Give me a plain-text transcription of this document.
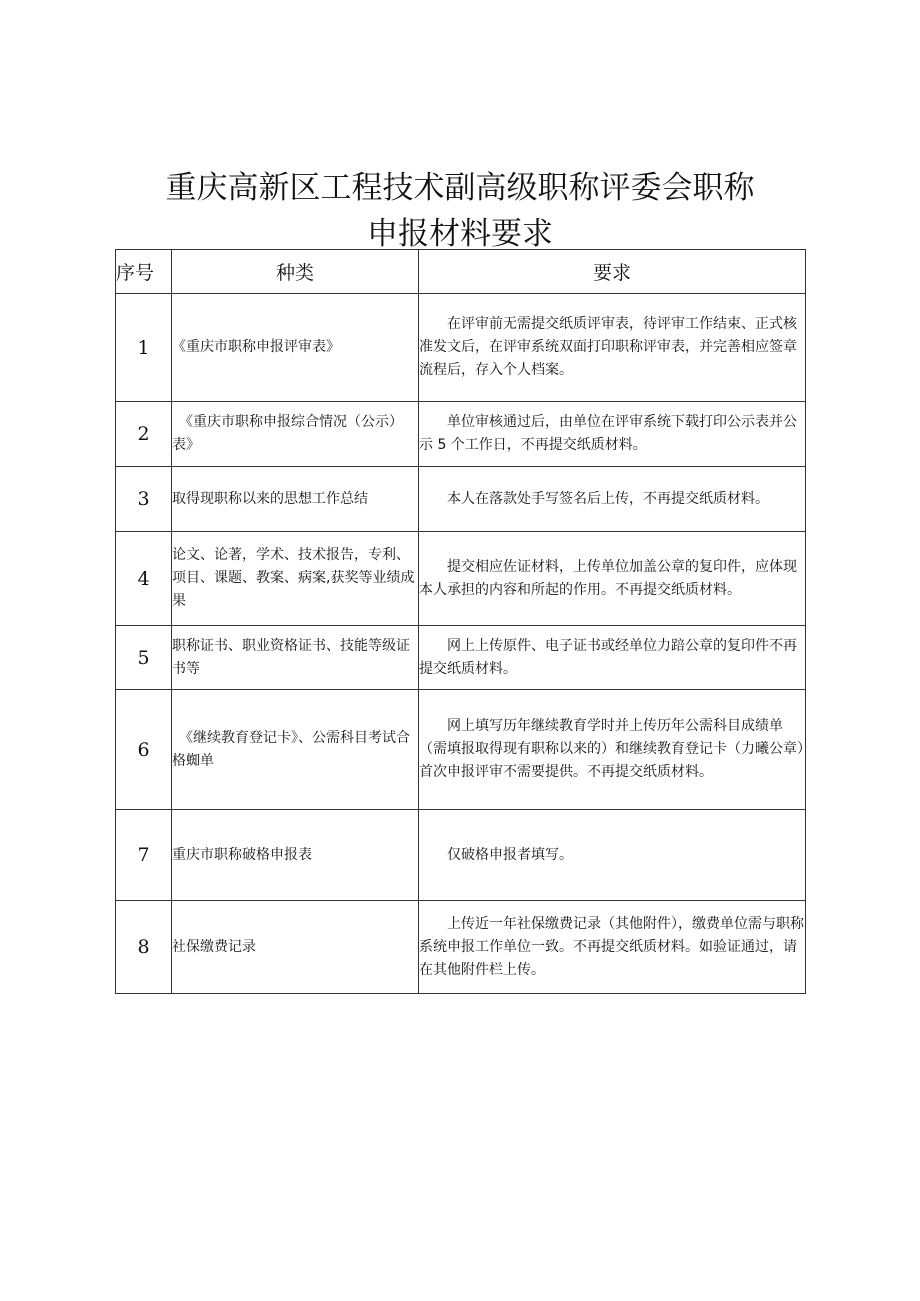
重庆高新区工程技术副高级职称评委会职称
申报材料要求
序号	种类	要求
1	《重庆市职称申报评审表》	在评审前无需提交纸质评审表，待评审工作结束、正式核准发文后，在评审系统双面打印职称评审表，并完善相应签章流程后，存入个人档案。
2	《重庆市职称申报综合情况（公示）表》	单位审核通过后，由单位在评审系统下载打印公示表并公示 5 个工作日，不再提交纸质材料。
3	取得现职称以来的思想工作总结	本人在落款处手写签名后上传，不再提交纸质材料。
4	论文、论著，学术、技术报告，专利、项目、课题、教案、病案,获奖等业绩成果	提交相应佐证材料，上传单位加盖公章的复印件，应体现本人承担的内容和所起的作用。不再提交纸质材料。
5	职称证书、职业资格证书、技能等级证书等	网上上传原件、电子证书或经单位力踣公章的复印件不再提交纸质材料。
6	《继续教育登记卡》、公需科目考试合格蜘单	网上填写历年继续教育学时并上传历年公需科目成绩单（需填报取得现有职称以来的）和继续教育登记卡（力曦公章）首次申报评审不需要提供。不再提交纸质材料。
7	重庆市职称破格申报表	仅破格申报者填写。
8	社保缴费记录	上传近一年社保缴费记录（其他附件），缴费单位需与职称系统申报工作单位一致。不再提交纸质材料。如验证通过，请在其他附件栏上传。
